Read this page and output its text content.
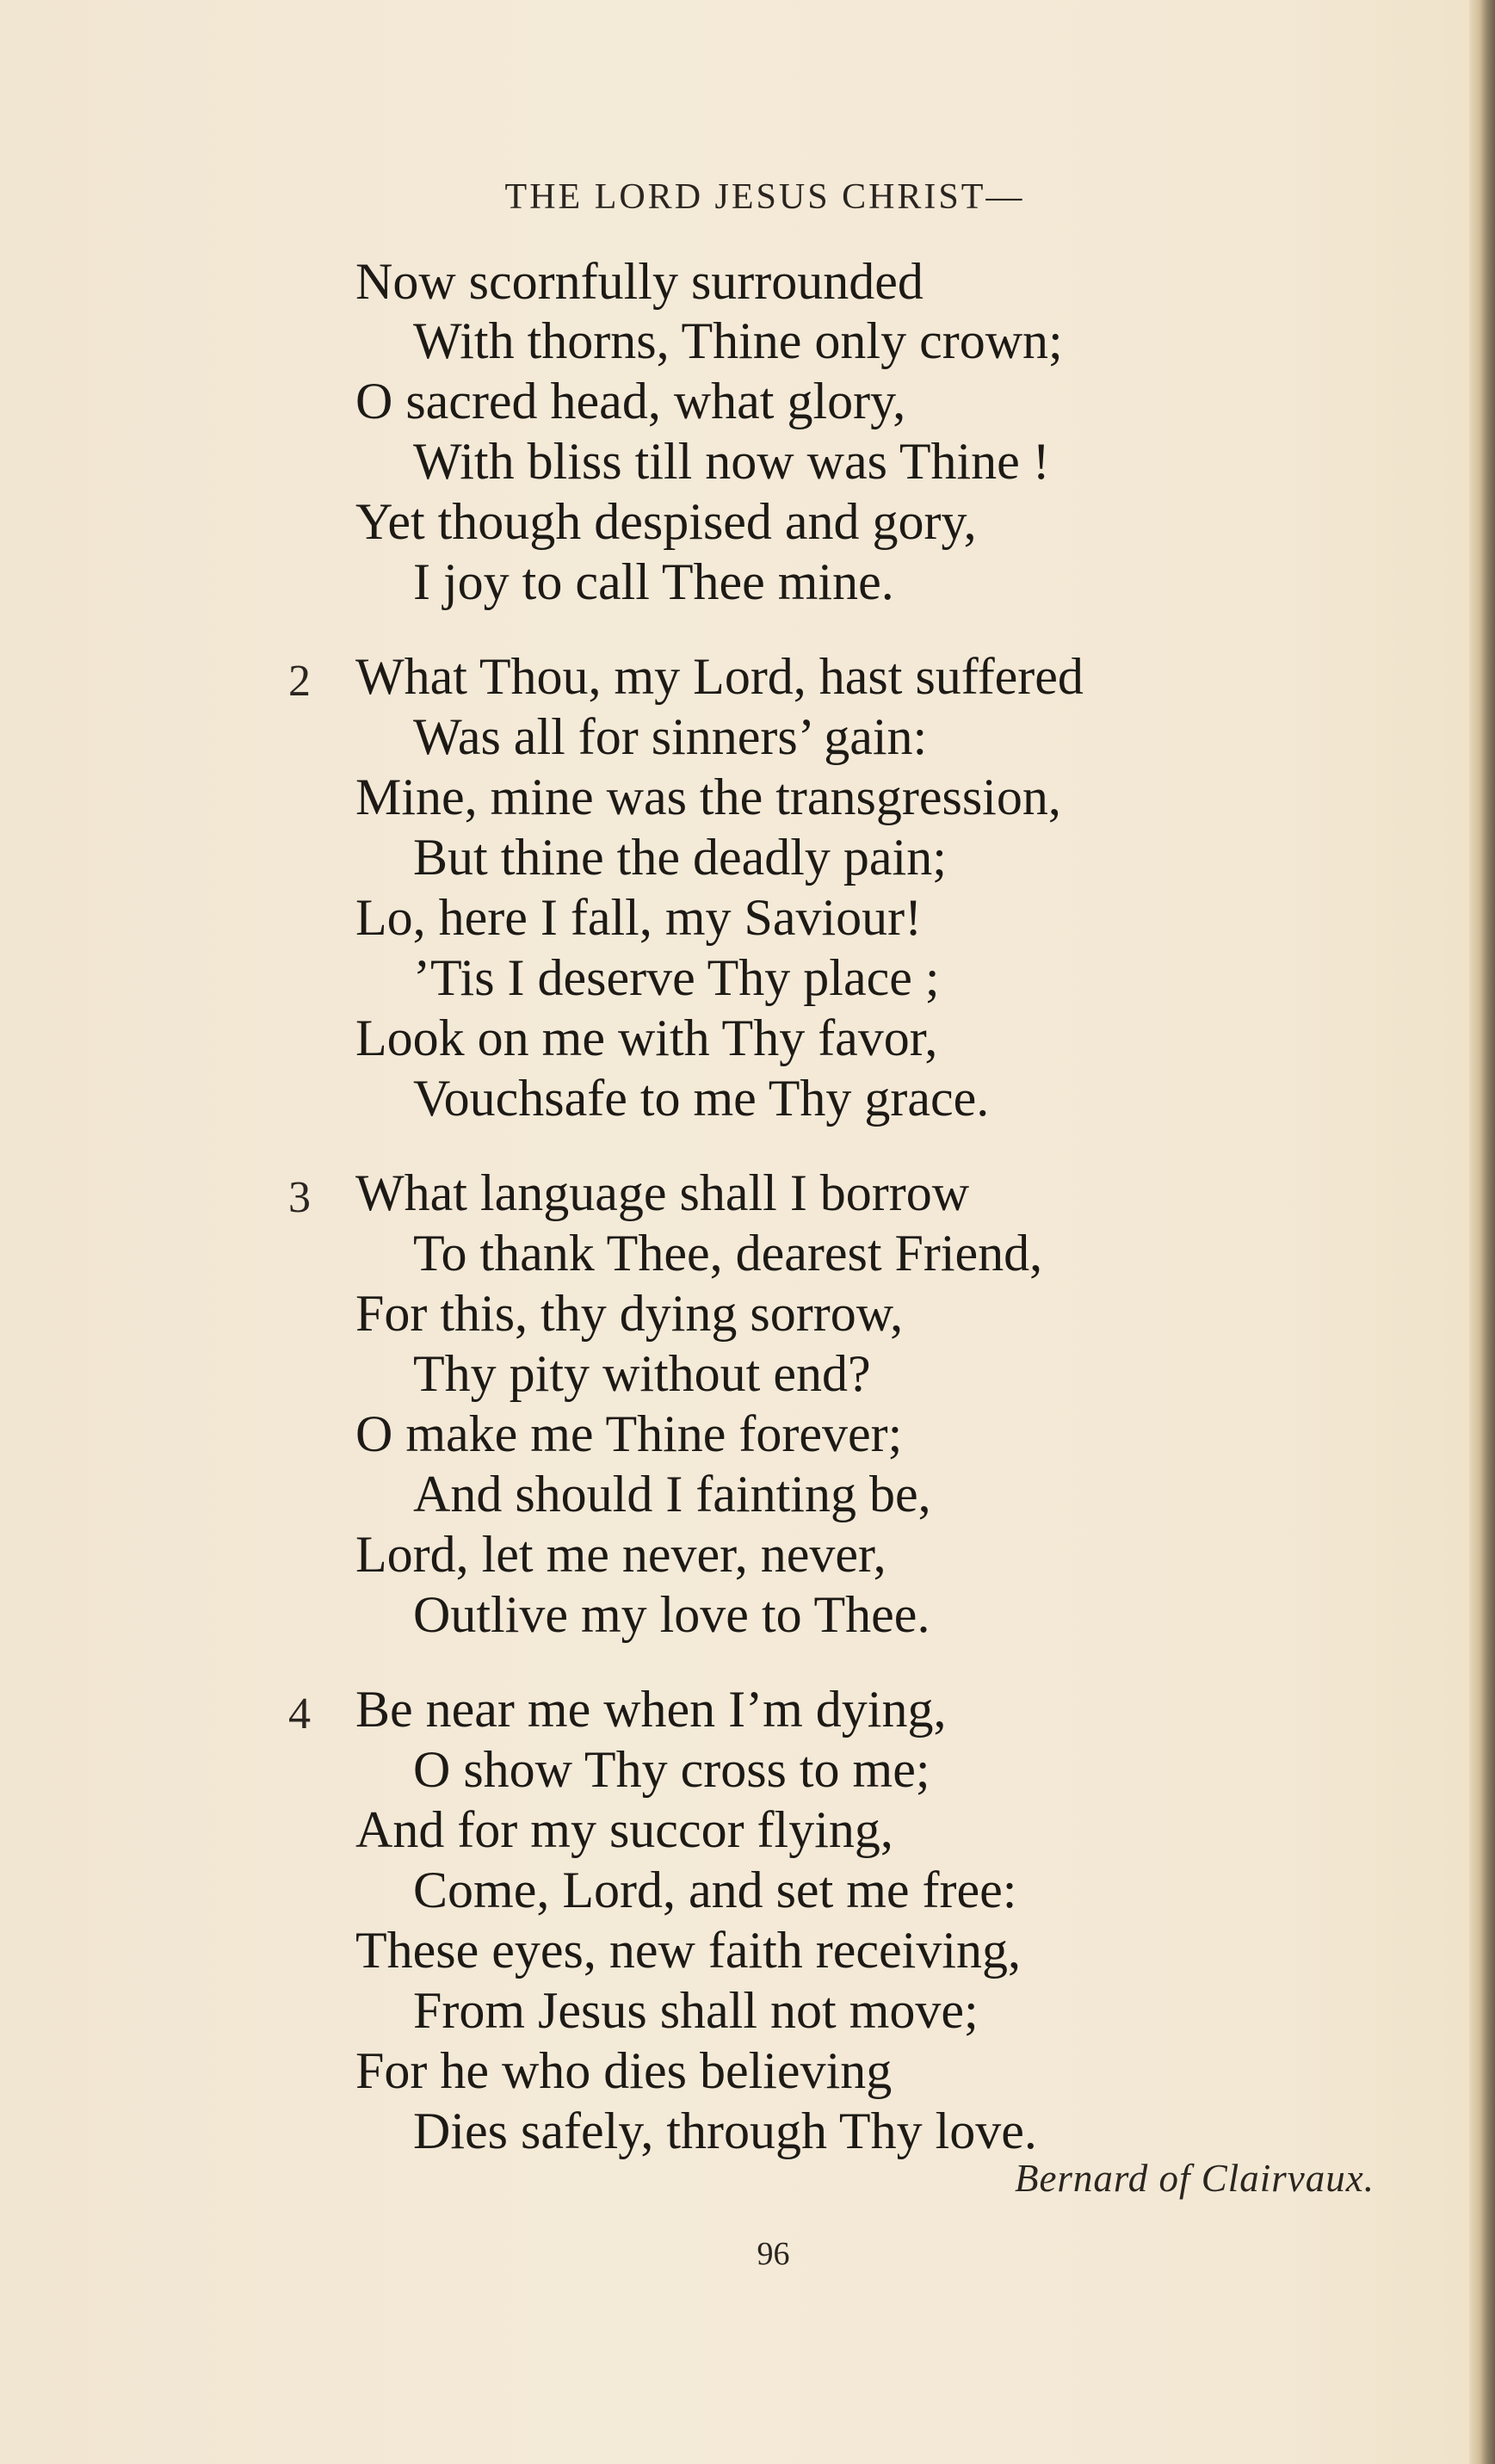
THE LORD JESUS CHRIST—
Now scornfully surrounded
With thorns, Thine only crown;
O sacred head, what glory,
With bliss till now was Thine !
Yet though despised and gory,
I joy to call Thee mine.
2 What Thou, my Lord, hast suffered
Was all for sinners’ gain:
Mine, mine was the transgression,
But thine the deadly pain;
Lo, here I fall, my Saviour!
’Tis I deserve Thy place ;
Look on me with Thy favor,
Vouchsafe to me Thy grace.
3 What language shall I borrow
To thank Thee, dearest Friend,
For this, thy dying sorrow,
Thy pity without end?
O make me Thine forever;
And should I fainting be,
Lord, let me never, never,
Outlive my love to Thee.
4 Be near me when I’m dying,
O show Thy cross to me;
And for my succor flying,
Come, Lord, and set me free:
These eyes, new faith receiving,
From Jesus shall not move;
For he who dies believing
Dies safely, through Thy love.
Bernard of Clairvaux.
96
